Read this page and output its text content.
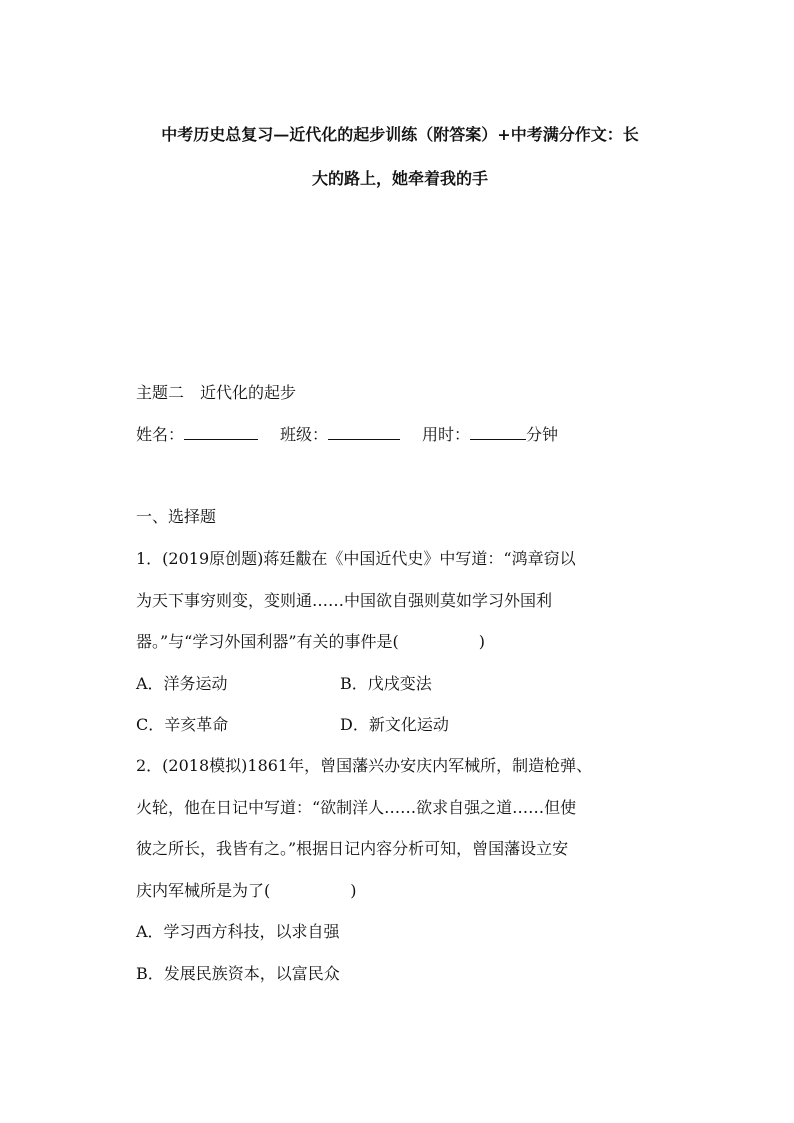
中考历史总复习—近代化的起步训练（附答案）+中考满分作文：长
大的路上，她牵着我的手
主题二　近代化的起步
姓名：	班级：	用时：	分钟
一、选择题
1．(2019原创题)蒋廷黻在《中国近代史》中写道：“鸿章窃以
为天下事穷则变，变则通……中国欲自强则莫如学习外国利
器。”与“学习外国利器”有关的事件是(　　　　　)
A．洋务运动	B．戊戌变法
C．辛亥革命	D．新文化运动
2．(2018模拟)1861年，曾国藩兴办安庆内军械所，制造枪弹、
火轮，他在日记中写道：“欲制洋人……欲求自强之道……但使
彼之所长，我皆有之。”根据日记内容分析可知，曾国藩设立安
庆内军械所是为了(　　　　　)
A．学习西方科技，以求自强
B．发展民族资本，以富民众
